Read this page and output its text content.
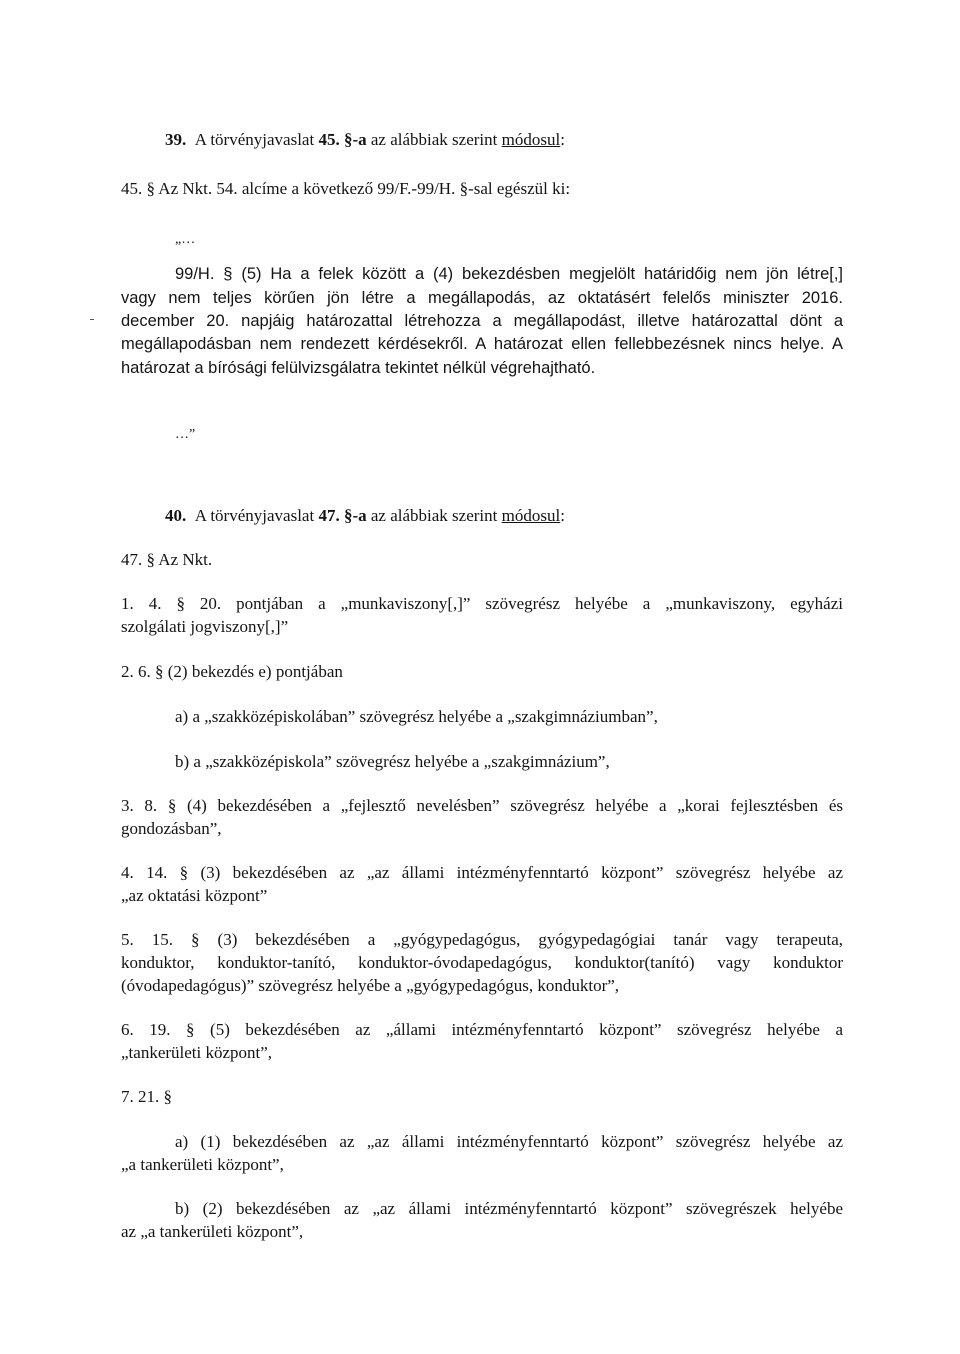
39. A törvényjavaslat 45. §-a az alábbiak szerint módosul:
45. § Az Nkt. 54. alcíme a következő 99/F.-99/H. §-sal egészül ki:
„…
99/H. § (5) Ha a felek között a (4) bekezdésben megjelölt határidőig nem jön létre[,]
vagy nem teljes körűen jön létre a megállapodás, az oktatásért felelős miniszter 2016.
december 20. napjáig határozattal létrehozza a megállapodást, illetve határozattal dönt a
megállapodásban nem rendezett kérdésekről. A határozat ellen fellebbezésnek nincs helye. A
határozat a bírósági felülvizsgálatra tekintet nélkül végrehajtható.
…”
40. A törvényjavaslat 47. §-a az alábbiak szerint módosul:
47. § Az Nkt.
1. 4. § 20. pontjában a „munkaviszony[,]” szövegrész helyébe a „munkaviszony, egyházi
szolgálati jogviszony[,]”
2. 6. § (2) bekezdés e) pontjában
a) a „szakközépiskolában” szövegrész helyébe a „szakgimnáziumban”,
b) a „szakközépiskola” szövegrész helyébe a „szakgimnázium”,
3. 8. § (4) bekezdésében a „fejlesztő nevelésben” szövegrész helyébe a „korai fejlesztésben és
gondozásban”,
4. 14. § (3) bekezdésében az „az állami intézményfenntartó központ” szövegrész helyébe az
„az oktatási központ”
5. 15. § (3) bekezdésében a „gyógypedagógus, gyógypedagógiai tanár vagy terapeuta,
konduktor, konduktor-tanító, konduktor-óvodapedagógus, konduktor(tanító) vagy konduktor
(óvodapedagógus)” szövegrész helyébe a „gyógypedagógus, konduktor”,
6. 19. § (5) bekezdésében az „állami intézményfenntartó központ” szövegrész helyébe a
„tankerületi központ”,
7. 21. §
a) (1) bekezdésében az „az állami intézményfenntartó központ” szövegrész helyébe az
„a tankerületi központ”,
b) (2) bekezdésében az „az állami intézményfenntartó központ” szövegrészek helyébe
az „a tankerületi központ”,
